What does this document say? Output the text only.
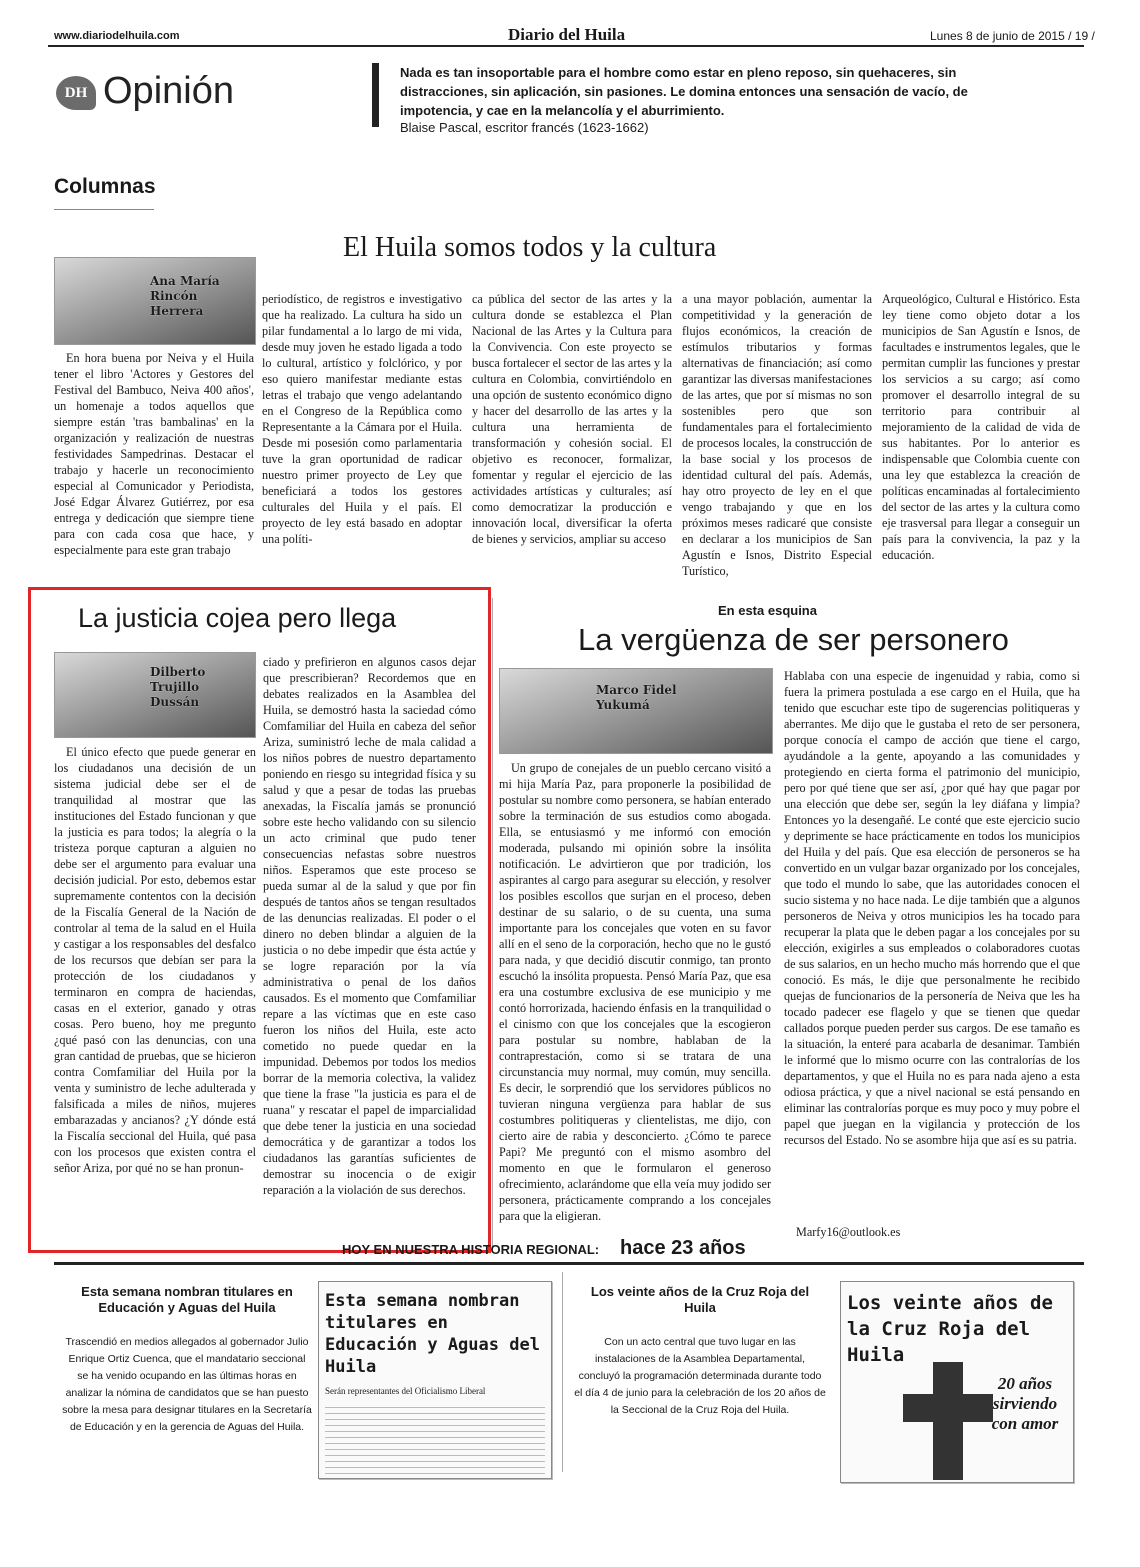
www.diariodelhuila.com	Diario del Huila	Lunes 8 de junio de 2015 / 19 /
DH Opinión	Nada es tan insoportable para el hombre como estar en pleno reposo, sin quehaceres, sin distracciones, sin aplicación, sin pasiones. Le domina entonces una sensación de vacío, de impotencia, y cae en la melancolía y el aburrimiento.
Blaise Pascal, escritor francés (1623-1662)
Columnas
El Huila somos todos y la cultura
Ana María Rincón Herrera

En hora buena por Neiva y el Huila tener el libro 'Actores y Gestores del Festival del Bambuco, Neiva 400 años', un homenaje a todos aquellos que siempre están 'tras bambalinas' en la organización y realización de nuestras festividades Sampedrinas. Destacar el trabajo y hacerle un reconocimiento especial al Comunicador y Periodista, José Edgar Álvarez Gutiérrez, por esa entrega y dedicación que siempre tiene para con cada cosa que hace, y especialmente para este gran trabajo

periodístico, de registros e investigativo que ha realizado. La cultura ha sido un pilar fundamental a lo largo de mi vida, desde muy joven he estado ligada a todo lo cultural, artístico y folclórico, y por eso quiero manifestar mediante estas letras el trabajo que vengo adelantando en el Congreso de la República como Representante a la Cámara por el Huila. Desde mi posesión como parlamentaria tuve la gran oportunidad de radicar nuestro primer proyecto de Ley que beneficiará a todos los gestores culturales del Huila y el país. El proyecto de ley está basado en adoptar una políti-

ca pública del sector de las artes y la cultura donde se establezca el Plan Nacional de las Artes y la Cultura para la Convivencia. Con este proyecto se busca fortalecer el sector de las artes y la cultura en Colombia, convirtiéndolo en una opción de sustento económico digno y hacer del desarrollo de las artes y la cultura una herramienta de transformación y cohesión social. El objetivo es reconocer, formalizar, fomentar y regular el ejercicio de las actividades artísticas y culturales; así como democratizar la producción e innovación local, diversificar la oferta de bienes y servicios, ampliar su acceso

a una mayor población, aumentar la competitividad y la generación de flujos económicos, la creación de estímulos tributarios y formas alternativas de financiación; así como garantizar las diversas manifestaciones de las artes, que por sí mismas no son sostenibles pero que son fundamentales para el fortalecimiento de procesos locales, la construcción de la base social y los procesos de identidad cultural del país. Además, hay otro proyecto de ley en el que vengo trabajando y que en los próximos meses radicaré que consiste en declarar a los municipios de San Agustín e Isnos, Distrito Especial Turístico,

Arqueológico, Cultural e Histórico. Esta ley tiene como objeto dotar a los municipios de San Agustín e Isnos, de facultades e instrumentos legales, que le permitan cumplir las funciones y prestar los servicios a su cargo; así como promover el desarrollo integral de su territorio para contribuir al mejoramiento de la calidad de vida de sus habitantes. Por lo anterior es indispensable que Colombia cuente con una ley que establezca la creación de políticas encaminadas al fortalecimiento del sector de las artes y la cultura como eje trasversal para llegar a conseguir un país para la convivencia, la paz y la educación.

La justicia cojea pero llega
Dilberto Trujillo Dussán

El único efecto que puede generar en los ciudadanos una decisión de un sistema judicial debe ser el de tranquilidad al mostrar que las instituciones del Estado funcionan y que la justicia es para todos; la alegría o la tristeza porque capturan a alguien no debe ser el argumento para evaluar una decisión judicial. Por esto, debemos estar supremamente contentos con la decisión de la Fiscalía General de la Nación de controlar al tema de la salud en el Huila y castigar a los responsables del desfalco de los recursos que debían ser para la protección de los ciudadanos y terminaron en compra de haciendas, casas en el exterior, ganado y otras cosas. Pero bueno, hoy me pregunto ¿qué pasó con las denuncias, con una gran cantidad de pruebas, que se hicieron contra Comfamiliar del Huila por la venta y suministro de leche adulterada y falsificada a miles de niños, mujeres embarazadas y ancianos? ¿Y dónde está la Fiscalía seccional del Huila, qué pasa con los procesos que existen contra el señor Ariza, por qué no se han pronun-

ciado y prefirieron en algunos casos dejar que prescribieran? Recordemos que en debates realizados en la Asamblea del Huila, se demostró hasta la saciedad cómo Comfamiliar del Huila en cabeza del señor Ariza, suministró leche de mala calidad a los niños pobres de nuestro departamento poniendo en riesgo su integridad física y su salud y que a pesar de todas las pruebas anexadas, la Fiscalía jamás se pronunció sobre este hecho validando con su silencio un acto criminal que pudo tener consecuencias nefastas sobre nuestros niños. Esperamos que este proceso se pueda sumar al de la salud y que por fin después de tantos años se tengan resultados de las denuncias realizadas. El poder o el dinero no deben blindar a alguien de la justicia o no debe impedir que ésta actúe y se logre reparación por la vía administrativa o penal de los daños causados. Es el momento que Comfamiliar repare a las víctimas que en este caso fueron los niños del Huila, este acto cometido no puede quedar en la impunidad. Debemos por todos los medios borrar de la memoria colectiva, la validez que tiene la frase "la justicia es para el de ruana" y rescatar el papel de imparcialidad que debe tener la justicia en una sociedad democrática y de garantizar a todos los ciudadanos las garantías suficientes de demostrar su inocencia o de exigir reparación a la violación de sus derechos.

En esta esquina
La vergüenza de ser personero
Marco Fidel Yukumá

Un grupo de conejales de un pueblo cercano visitó a mi hija María Paz, para proponerle la posibilidad de postular su nombre como personera, se habían enterado sobre la terminación de sus estudios como abogada. Ella, se entusiasmó y me informó con emoción moderada, pulsando mi opinión sobre la insólita notificación. Le advirtieron que por tradición, los aspirantes al cargo para asegurar su elección, y resolver los posibles escollos que surjan en el proceso, deben destinar de su salario, o de su cuenta, una suma importante para los concejales que voten en su favor allí en el seno de la corporación, hecho que no le gustó para nada, y que decidió discutir conmigo, tan pronto escuchó la insólita propuesta. Pensó María Paz, que esa era una costumbre exclusiva de ese municipio y me contó horrorizada, haciendo énfasis en la tranquilidad o el cinismo con que los concejales que la escogieron para postular su nombre, hablaban de la contraprestación, como si se tratara de una circunstancia muy normal, muy común, muy sencilla. Es decir, le sorprendió que los servidores públicos no tuvieran ninguna vergüenza para hablar de sus costumbres politiqueras y clientelistas, me dijo, con cierto aire de rabia y desconcierto. ¿Cómo te parece Papi? Me preguntó con el mismo asombro del momento en que le formularon el generoso ofrecimiento, aclarándome que ella veía muy jodido ser personera, prácticamente comprando a los concejales para que la eligieran.

Hablaba con una especie de ingenuidad y rabia, como si fuera la primera postulada a ese cargo en el Huila, que ha tenido que escuchar este tipo de sugerencias politiqueras y aberrantes. Me dijo que le gustaba el reto de ser personera, porque conocía el campo de acción que tiene el cargo, ayudándole a la gente, apoyando a las comunidades y protegiendo en cierta forma el patrimonio del municipio, pero por qué tiene que ser así, ¿por qué hay que pagar por una elección que debe ser, según la ley diáfana y limpia? Entonces yo la desengañé. Le conté que este ejercicio sucio y deprimente se hace prácticamente en todos los municipios del Huila y del país. Que esa elección de personeros se ha convertido en un vulgar bazar organizado por los concejales, que todo el mundo lo sabe, que las autoridades conocen el sucio sistema y no hace nada. Le dije también que a algunos personeros de Neiva y otros municipios les ha tocado para recuperar la plata que le deben pagar a los concejales por su elección, exigirles a sus empleados o colaboradores cuotas de sus salarios, en un hecho mucho más horrendo que el que conoció. Es más, le dije que personalmente he recibido quejas de funcionarios de la personería de Neiva que les ha tocado padecer ese flagelo y que se tienen que quedar callados porque pueden perder sus cargos. De ese tamaño es la situación, la enteré para acabarla de desanimar. También le informé que lo mismo ocurre con las contralorías de los departamentos, y que el Huila no es para nada ajeno a esta odiosa práctica, y que a nivel nacional se está pensando en eliminar las contralorías porque es muy poco y muy pobre el papel que juegan en la vigilancia y protección de los recursos del Estado. No se asombre hija que así es su patria.

Marfy16@outlook.es
HOY EN NUESTRA HISTORIA REGIONAL: hace 23 años
Esta semana nombran titulares en Educación y Aguas del Huila
Trascendió en medios allegados al gobernador Julio Enrique Ortiz Cuenca, que el mandatario seccional se ha venido ocupando en las últimas horas en analizar la nómina de candidatos que se han puesto sobre la mesa para designar titulares en la Secretaría de Educación y en la gerencia de Aguas del Huila.
Esta semana nombran titulares en Educación y Aguas del Huila
Serán representantes del Oficialismo Liberal
Los veinte años de la Cruz Roja del Huila
Con un acto central que tuvo lugar en las instalaciones de la Asamblea Departamental, concluyó la programación determinada durante todo el día 4 de junio para la celebración de los 20 años de la Seccional de la Cruz Roja del Huila.
Los veinte años de la Cruz Roja del Huila
20 años sirviendo con amor
